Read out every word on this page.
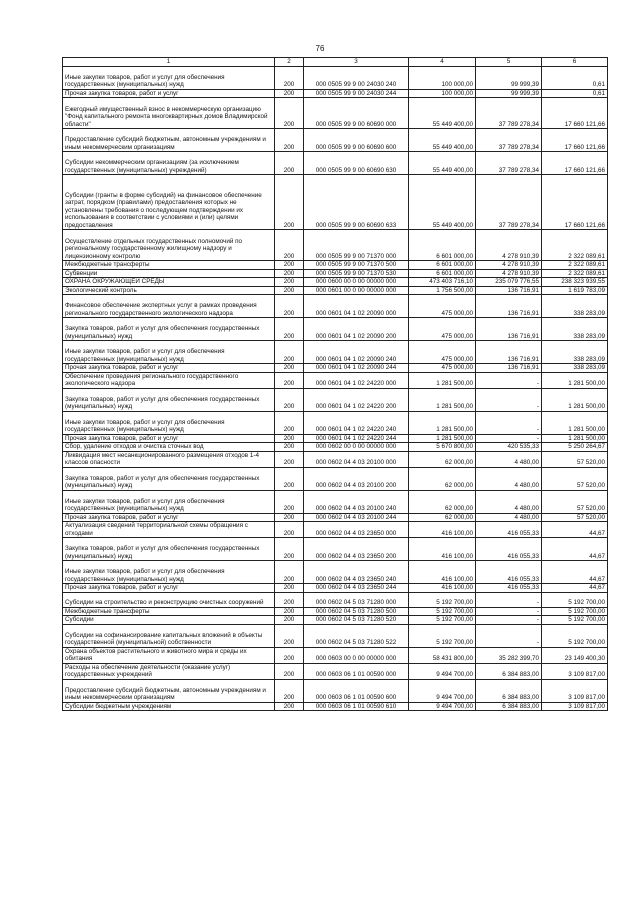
76
1	2	3	4	5	6
Иные закупки товаров, работ и услуг для обеспечения государственных (муниципальных) нужд	200	000 0505 99 9 00 24030 240	100 000,00	99 999,39	0,61
Прочая закупка товаров, работ и услуг	200	000 0505 99 9 00 24030 244	100 000,00	99 999,39	0,61
Ежегодный имущественный взнос в некоммерческую организацию "Фонд капитального ремонта многоквартирных домов Владимирской области"	200	000 0505 99 9 00 60690 000	55 449 400,00	37 789 278,34	17 660 121,66
Предоставление субсидий бюджетным, автономным учреждениям и иным некоммерческим организациям	200	000 0505 99 9 00 60690 600	55 449 400,00	37 789 278,34	17 660 121,66
Субсидии некоммерческим организациям (за исключением государственных (муниципальных) учреждений)	200	000 0505 99 9 00 60690 630	55 449 400,00	37 789 278,34	17 660 121,66
Субсидии (гранты в форме субсидий) на финансовое обеспечение затрат, порядком (правилами) предоставления которых не установлены требования о последующем подтверждении их использования в соответствии с условиями и (или) целями предоставления	200	000 0505 99 9 00 60690 633	55 449 400,00	37 789 278,34	17 660 121,66
Осуществление отдельных государственных полномочий по региональному государственному жилищному надзору и лицензионному контролю	200	000 0505 99 9 00 71370 000	6 601 000,00	4 278 910,39	2 322 089,61
Межбюджетные трансферты	200	000 0505 99 9 00 71370 500	6 601 000,00	4 278 910,39	2 322 089,61
Субвенции	200	000 0505 99 9 00 71370 530	6 601 000,00	4 278 910,39	2 322 089,61
ОХРАНА ОКРУЖАЮЩЕЙ СРЕДЫ	200	000 0600 00 0 00 00000 000	473 403 716,10	235 079 776,55	238 323 939,55
Экологический контроль	200	000 0601 00 0 00 00000 000	1 756 500,00	136 716,91	1 619 783,09
Финансовое обеспечение экспертных услуг в рамках проведения регионального государственного экологического надзора	200	000 0601 04 1 02 20090 000	475 000,00	136 716,91	338 283,09
Закупка товаров, работ и услуг для обеспечения государственных (муниципальных) нужд	200	000 0601 04 1 02 20090 200	475 000,00	136 716,91	338 283,09
Иные закупки товаров, работ и услуг для обеспечения государственных (муниципальных) нужд	200	000 0601 04 1 02 20090 240	475 000,00	136 716,91	338 283,09
Прочая закупка товаров, работ и услуг	200	000 0601 04 1 02 20090 244	475 000,00	136 716,91	338 283,09
Обеспечение проведения регионального государственного экологического надзора	200	000 0601 04 1 02 24220 000	1 281 500,00	-	1 281 500,00
Закупка товаров, работ и услуг для обеспечения государственных (муниципальных) нужд	200	000 0601 04 1 02 24220 200	1 281 500,00	-	1 281 500,00
Иные закупки товаров, работ и услуг для обеспечения государственных (муниципальных) нужд	200	000 0601 04 1 02 24220 240	1 281 500,00	-	1 281 500,00
Прочая закупка товаров, работ и услуг	200	000 0601 04 1 02 24220 244	1 281 500,00	-	1 281 500,00
Сбор, удаление отходов и очистка сточных вод	200	000 0602 00 0 00 00000 000	5 670 800,00	420 535,33	5 250 264,67
Ликвидация мест несанкционированного размещения отходов 1-4 классов опасности	200	000 0602 04 4 03 20100 000	62 000,00	4 480,00	57 520,00
Закупка товаров, работ и услуг для обеспечения государственных (муниципальных) нужд	200	000 0602 04 4 03 20100 200	62 000,00	4 480,00	57 520,00
Иные закупки товаров, работ и услуг для обеспечения государственных (муниципальных) нужд	200	000 0602 04 4 03 20100 240	62 000,00	4 480,00	57 520,00
Прочая закупка товаров, работ и услуг	200	000 0602 04 4 03 20100 244	62 000,00	4 480,00	57 520,00
Актуализация сведений территориальной схемы обращения с отходами	200	000 0602 04 4 03 23650 000	416 100,00	416 055,33	44,67
Закупка товаров, работ и услуг для обеспечения государственных (муниципальных) нужд	200	000 0602 04 4 03 23650 200	416 100,00	416 055,33	44,67
Иные закупки товаров, работ и услуг для обеспечения государственных (муниципальных) нужд	200	000 0602 04 4 03 23650 240	416 100,00	416 055,33	44,67
Прочая закупка товаров, работ и услуг	200	000 0602 04 4 03 23650 244	416 100,00	416 055,33	44,67
Субсидии на строительство и реконструкцию очистных сооружений	200	000 0602 04 5 03 71280 000	5 192 700,00	-	5 192 700,00
Межбюджетные трансферты	200	000 0602 04 5 03 71280 500	5 192 700,00	-	5 192 700,00
Субсидии	200	000 0602 04 5 03 71280 520	5 192 700,00	-	5 192 700,00
Субсидии на софинансирование капитальных вложений в объекты государственной (муниципальной) собственности	200	000 0602 04 5 03 71280 522	5 192 700,00	-	5 192 700,00
Охрана объектов растительного и животного мира и среды их обитания	200	000 0603 00 0 00 00000 000	58 431 800,00	35 282 399,70	23 149 400,30
Расходы на обеспечение деятельности (оказание услуг) государственных учреждений	200	000 0603 06 1 01 00590 000	9 494 700,00	6 384 883,00	3 109 817,00
Предоставление субсидий бюджетным, автономным учреждениям и иным некоммерческим организациям	200	000 0603 06 1 01 00590 600	9 494 700,00	6 384 883,00	3 109 817,00
Субсидии бюджетным учреждениям	200	000 0603 06 1 01 00590 610	9 494 700,00	6 384 883,00	3 109 817,00
